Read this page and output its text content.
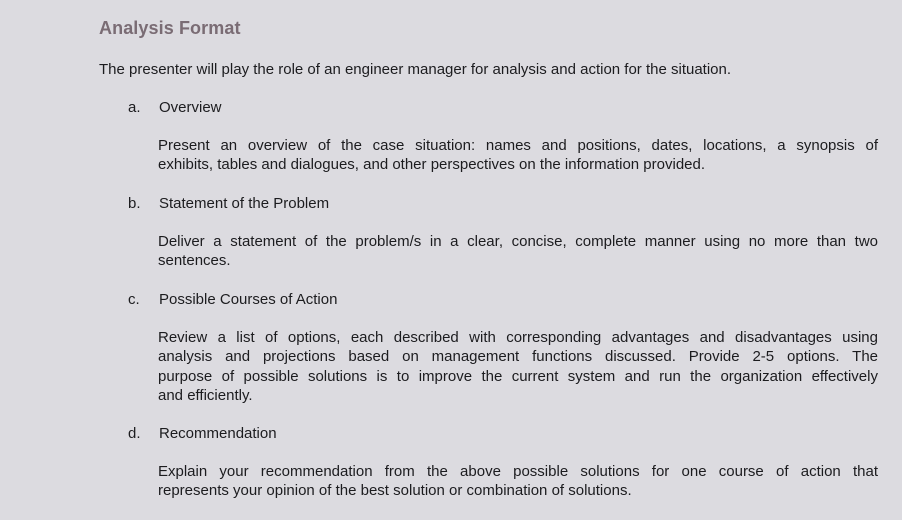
Analysis Format
The presenter will play the role of an engineer manager for analysis and action for the situation.
a. Overview
Present an overview of the case situation: names and positions, dates, locations, a synopsis of
exhibits, tables and dialogues, and other perspectives on the information provided.
b. Statement of the Problem
Deliver a statement of the problem/s in a clear, concise, complete manner using no more than two
sentences.
c. Possible Courses of Action
Review a list of options, each described with corresponding advantages and disadvantages using
analysis and projections based on management functions discussed. Provide 2-5 options. The
purpose of possible solutions is to improve the current system and run the organization effectively
and efficiently.
d. Recommendation
Explain your recommendation from the above possible solutions for one course of action that
represents your opinion of the best solution or combination of solutions.
